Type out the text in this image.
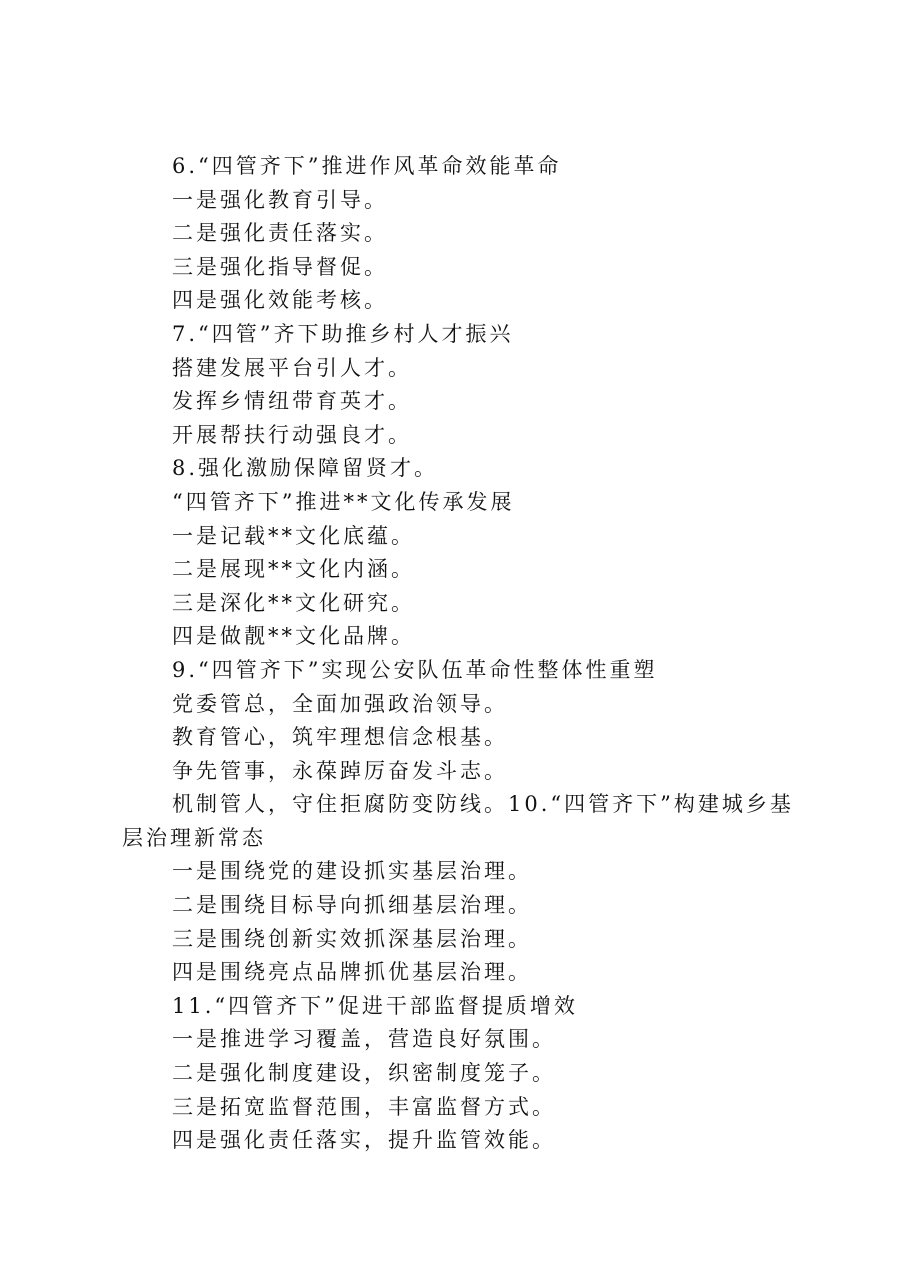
6.“四管齐下”推进作风革命效能革命

一是强化教育引导。

二是强化责任落实。

三是强化指导督促。

四是强化效能考核。

7.“四管”齐下助推乡村人才振兴

搭建发展平台引人才。

发挥乡情纽带育英才。

开展帮扶行动强良才。

8.强化激励保障留贤才。

“四管齐下”推进**文化传承发展

一是记载**文化底蕴。

二是展现**文化内涵。

三是深化**文化研究。

四是做靓**文化品牌。

9.“四管齐下”实现公安队伍革命性整体性重塑

党委管总，全面加强政治领导。

教育管心，筑牢理想信念根基。

争先管事，永葆踔厉奋发斗志。

机制管人，守住拒腐防变防线。10.“四管齐下”构建城乡基层治理新常态

一是围绕党的建设抓实基层治理。

二是围绕目标导向抓细基层治理。

三是围绕创新实效抓深基层治理。

四是围绕亮点品牌抓优基层治理。

11.“四管齐下”促进干部监督提质增效

一是推进学习覆盖，营造良好氛围。

二是强化制度建设，织密制度笼子。

三是拓宽监督范围，丰富监督方式。

四是强化责任落实，提升监管效能。
